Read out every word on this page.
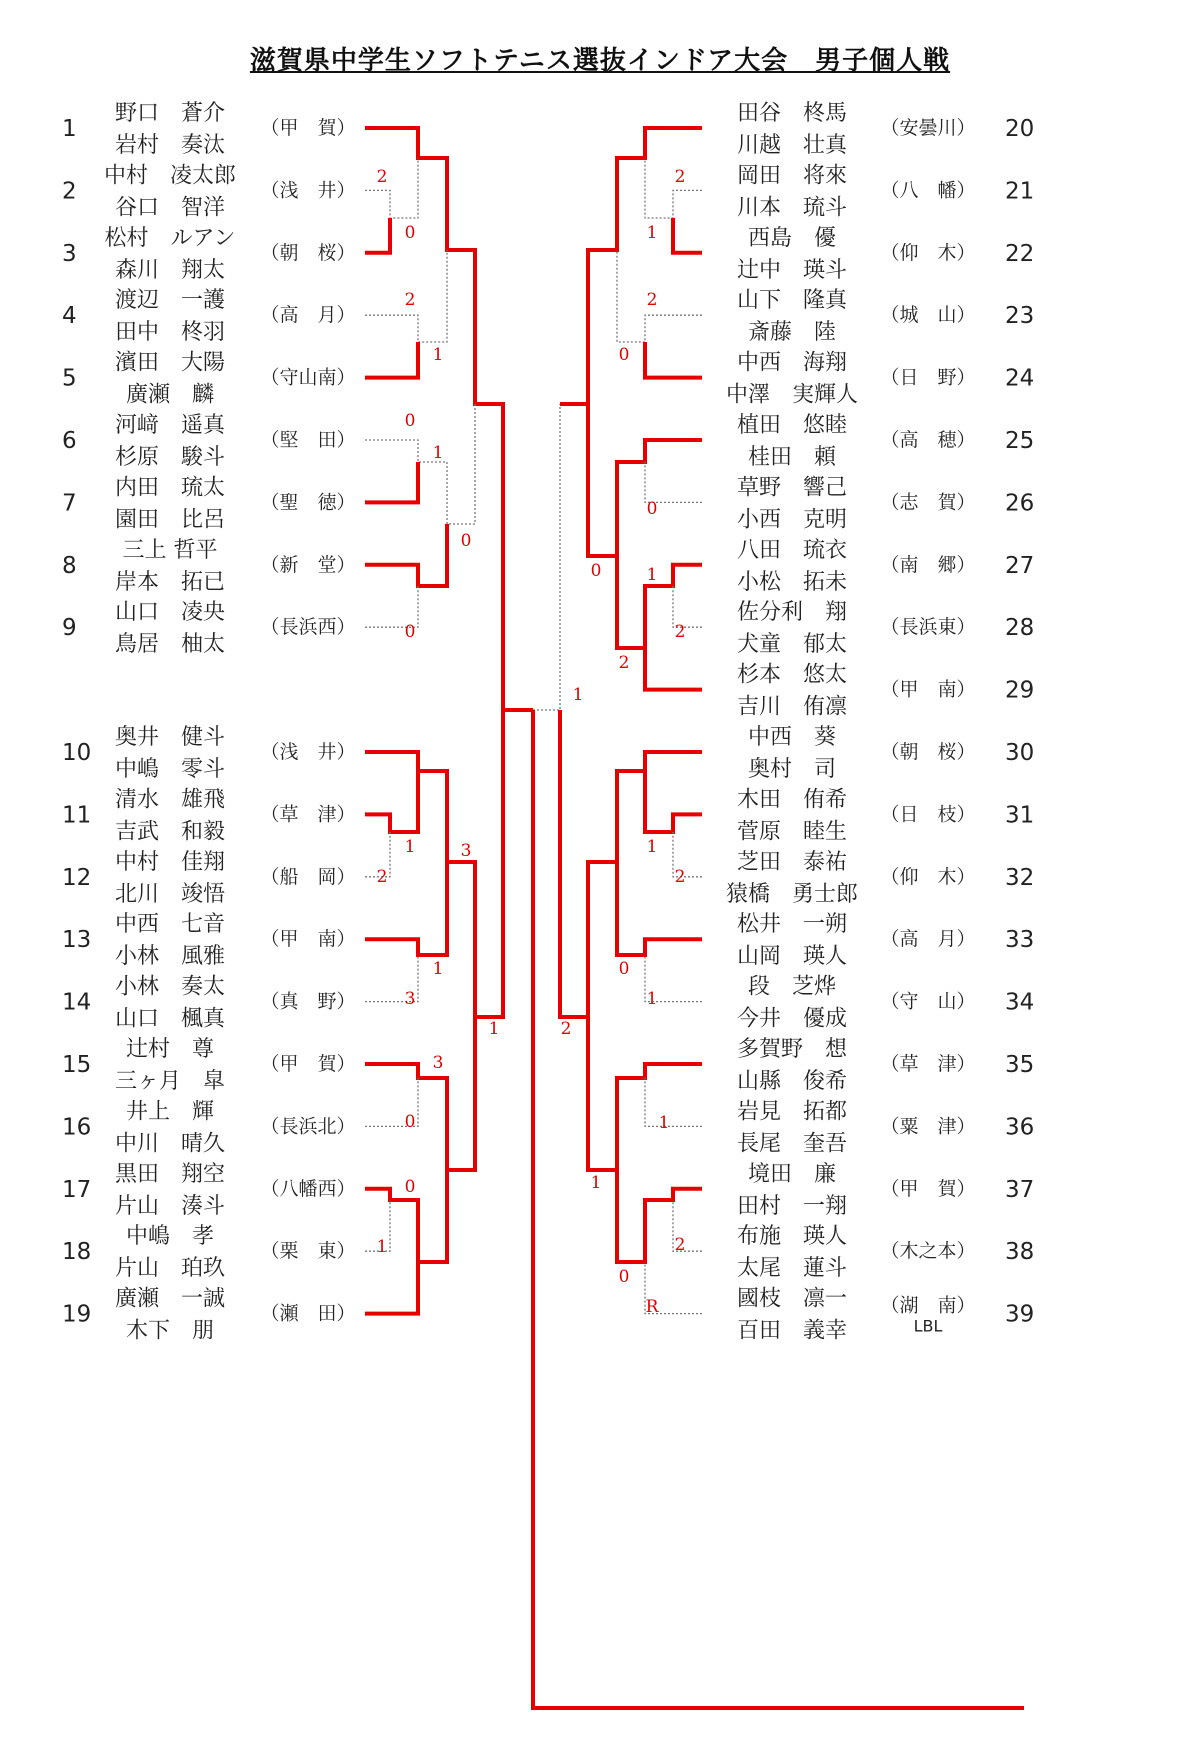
滋賀県中学生ソフトテニス選抜インドア大会　男子個人戦
1
野口　蒼介
岩村　奏汰
（甲　賀）
2
中村　凌太郎
谷口　智洋
（浅　井）
3
松村　ルアン
森川　翔太
（朝　桜）
4
渡辺　一護
田中　柊羽
（高　月）
5
濱田　大陽
廣瀬　麟
（守山南）
6
河﨑　遥真
杉原　駿斗
（堅　田）
7
内田　琉太
園田　比呂
（聖　徳）
8
三上 哲平
岸本　拓已
（新　堂）
9
山口　凌央
鳥居　柚太
（長浜西）
10
奥井　健斗
中嶋　零斗
（浅　井）
11
清水　雄飛
吉武　和毅
（草　津）
12
中村　佳翔
北川　竣悟
（船　岡）
13
中西　七音
小林　風雅
（甲　南）
14
小林　奏太
山口　楓真
（真　野）
15
辻村　尊
三ヶ月　皐
（甲　賀）
16
井上　輝
中川　晴久
（長浜北）
17
黒田　翔空
片山　湊斗
（八幡西）
18
中嶋　孝
片山　珀玖
（栗　東）
19
廣瀬　一誠
木下　朋
（瀬　田）
田谷　柊馬
川越　壮真
（安曇川） 20
岡田　将來
川本　琉斗
（八　幡） 21
西島　優
辻中　瑛斗
（仰　木） 22
山下　隆真
斎藤　陸
（城　山） 23
中西　海翔
中澤　実輝人
（日　野） 24
植田　悠睦
桂田　頼
（高　穂） 25
草野　響己
小西　克明
（志　賀） 26
八田　琉衣
小松　拓未
（南　郷） 27
佐分利　翔
犬童　郁太
（長浜東） 28
杉本　悠太
吉川　侑凛
（甲　南） 29
中西　葵
奥村　司
（朝　桜） 30
木田　侑希
菅原　睦生
（日　枝） 31
芝田　泰祐
猿橋　勇士郎
（仰　木） 32
松井　一朔
山岡　瑛人
（高　月） 33
段　芝烨
今井　優成
（守　山） 34
多賀野　想
山縣　俊希
（草　津） 35
岩見　拓都
長尾　奎吾
（粟　津） 36
境田　廉
田村　一翔
（甲　賀） 37
布施　瑛人
太尾　蓮斗
（木之本） 38
國枝　凛一
百田　義幸
（湖　南）
LBL	39
2
0
2
1
0
1
0
0
1
2
1
3
3
0
0
1
3
1
2
1
2
0
0
0	1
2
2
1
1
2
0
1
1
1
2
0
R
2
